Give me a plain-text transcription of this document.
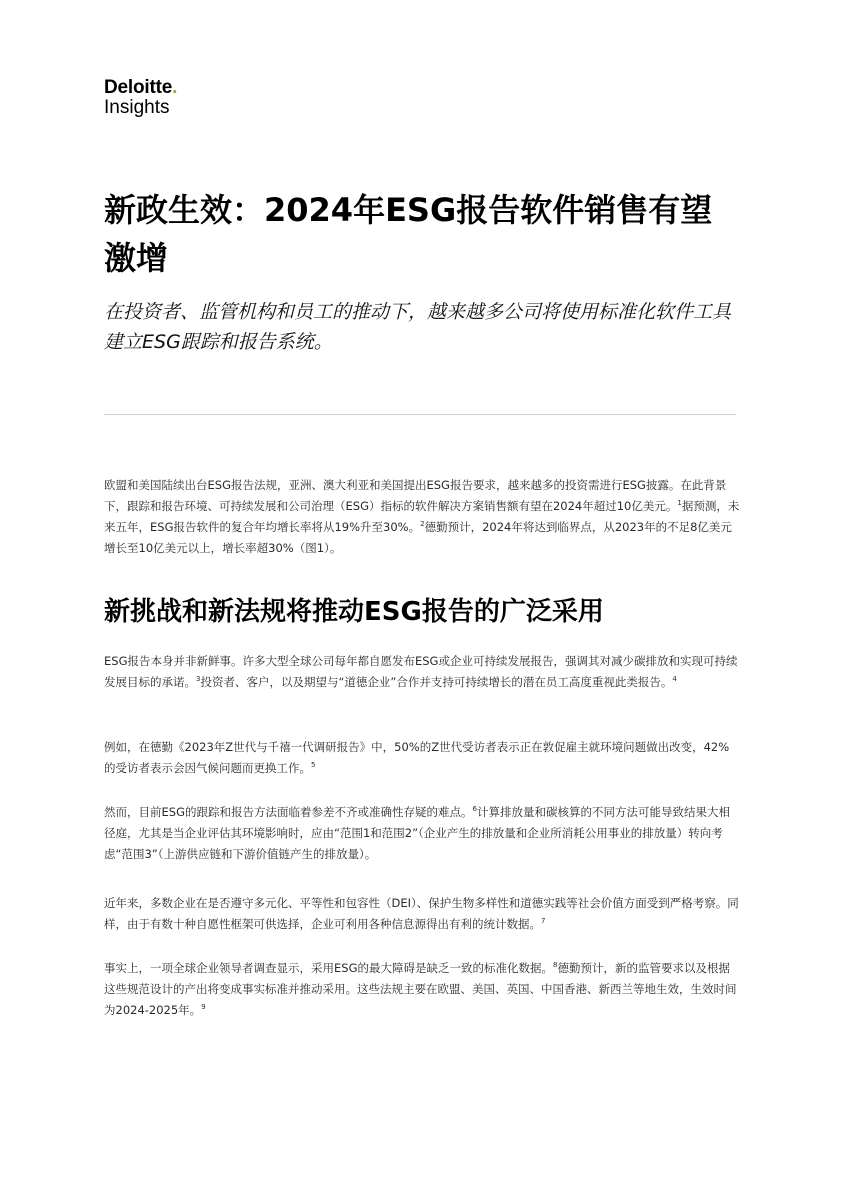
Deloitte.
Insights
新政生效：2024年ESG报告软件销售有望激增

在投资者、监管机构和员工的推动下，越来越多公司将使用标准化软件工具建立ESG跟踪和报告系统。

欧盟和美国陆续出台ESG报告法规，亚洲、澳大利亚和美国提出ESG报告要求，越来越多的投资需进行ESG披露。在此背景下，跟踪和报告环境、可持续发展和公司治理（ESG）指标的软件解决方案销售额有望在2024年超过10亿美元。$^1$据预测，未来五年，ESG报告软件的复合年均增长率将从19%升至30%。$^2$德勤预计，2024年将达到临界点，从2023年的不足8亿美元增长至10亿美元以上，增长率超30%（图1）。

新挑战和新法规将推动ESG报告的广泛采用

ESG报告本身并非新鲜事。许多大型全球公司每年都自愿发布ESG或企业可持续发展报告，强调其对减少碳排放和实现可持续发展目标的承诺。$^3$投资者、客户，以及期望与“道德企业”合作并支持可持续增长的潜在员工高度重视此类报告。$^4$

例如，在德勤《2023年Z世代与千禧一代调研报告》中，50%的Z世代受访者表示正在敦促雇主就环境问题做出改变，42%的受访者表示会因气候问题而更换工作。$^5$

然而，目前ESG的跟踪和报告方法面临着参差不齐或准确性存疑的难点。$^6$计算排放量和碳核算的不同方法可能导致结果大相径庭，尤其是当企业评估其环境影响时，应由“范围1和范围2”（企业产生的排放量和企业所消耗公用事业的排放量）转向考虑“范围3”（上游供应链和下游价值链产生的排放量）。

近年来，多数企业在是否遵守多元化、平等性和包容性（DEI）、保护生物多样性和道德实践等社会价值方面受到严格考察。同样，由于有数十种自愿性框架可供选择，企业可利用各种信息源得出有利的统计数据。$^7$

事实上，一项全球企业领导者调查显示，采用ESG的最大障碍是缺乏一致的标准化数据。$^8$德勤预计，新的监管要求以及根据这些规范设计的产出将变成事实标准并推动采用。这些法规主要在欧盟、美国、英国、中国香港、新西兰等地生效，生效时间为2024-2025年。$^9$
